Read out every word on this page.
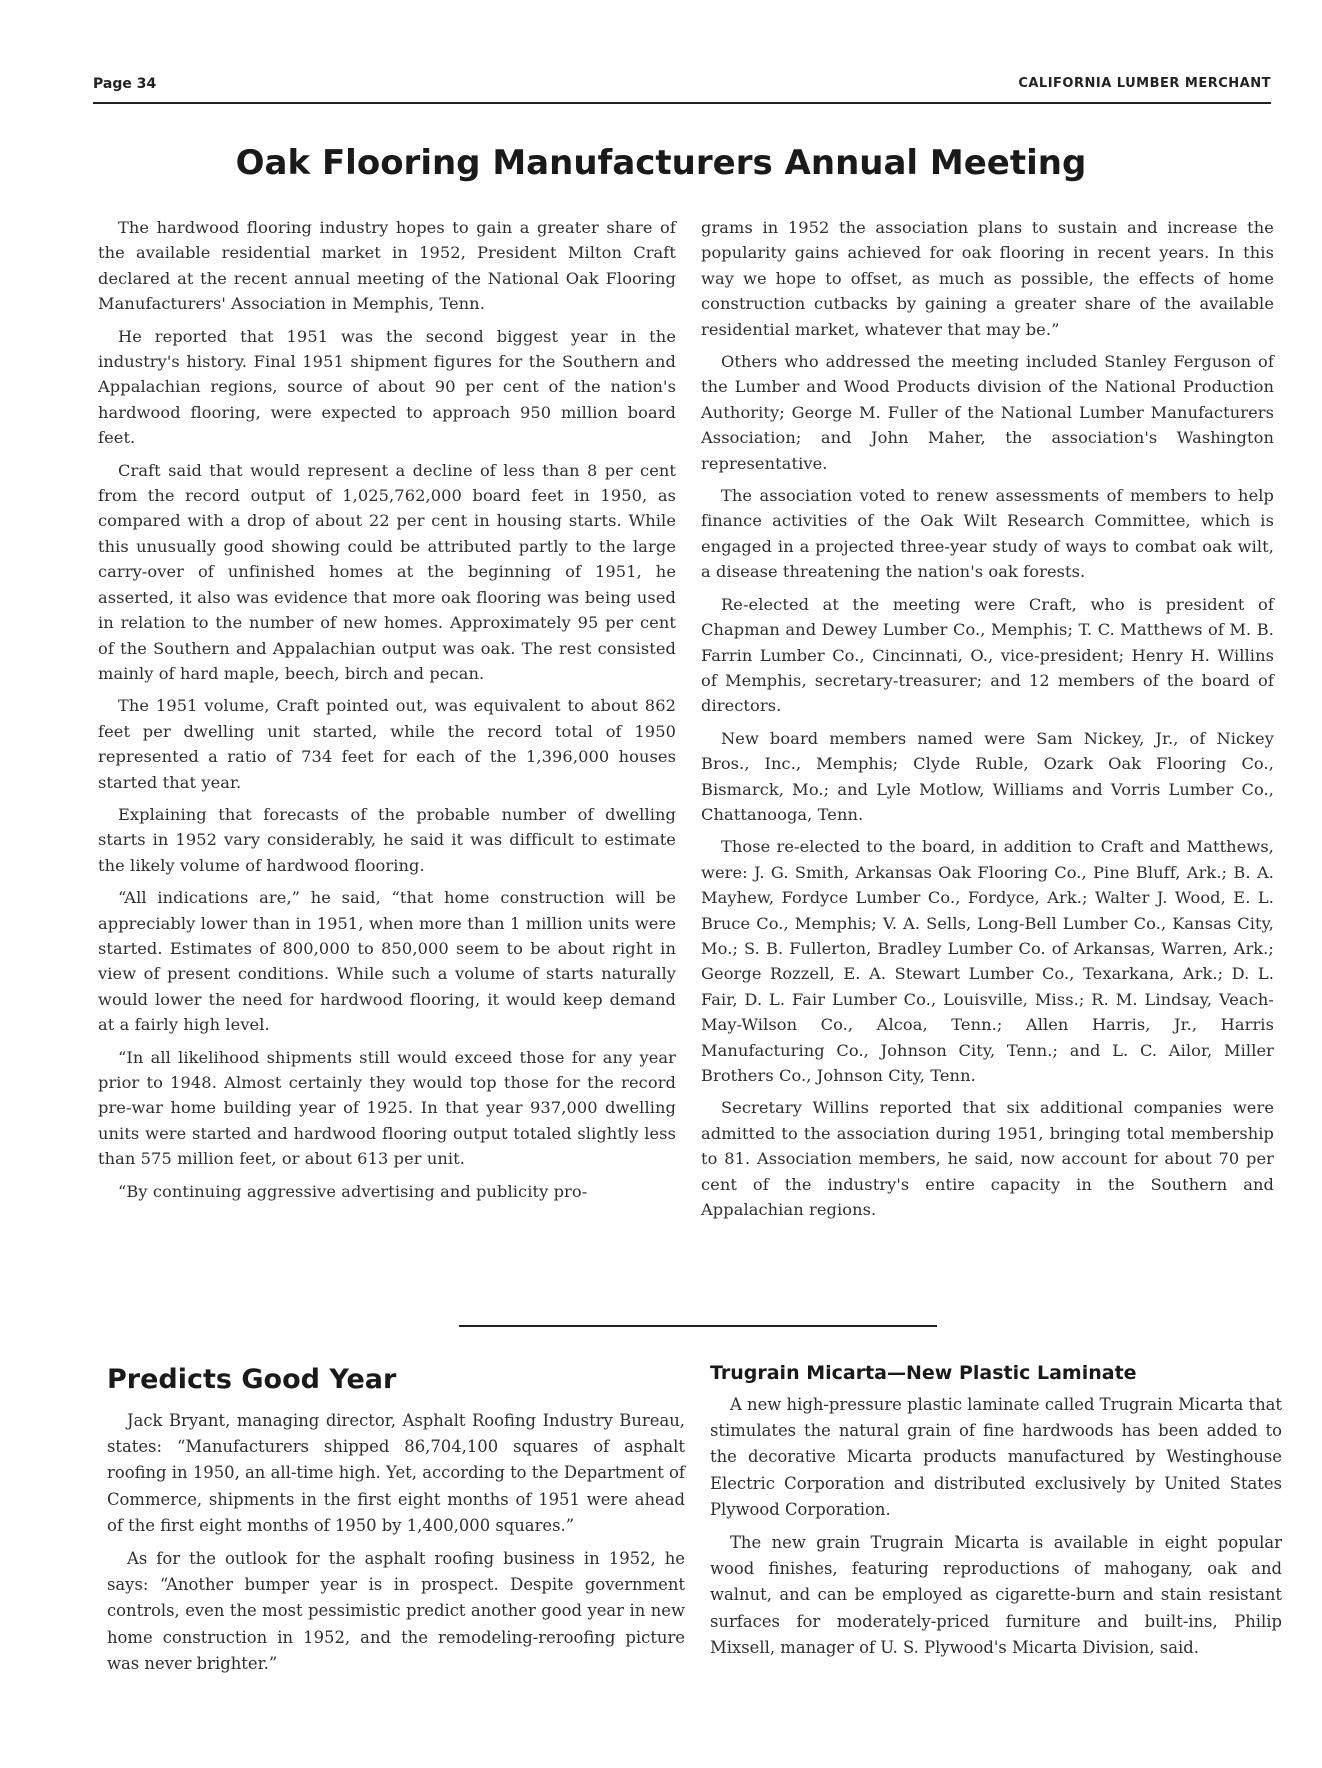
Page 34	CALIFORNIA LUMBER MERCHANT
Oak Flooring Manufacturers Annual Meeting

The hardwood flooring industry hopes to gain a greater share of the available residential market in 1952, President Milton Craft declared at the recent annual meeting of the National Oak Flooring Manufacturers' Association in Memphis, Tenn.

He reported that 1951 was the second biggest year in the industry's history. Final 1951 shipment figures for the Southern and Appalachian regions, source of about 90 per cent of the nation's hardwood flooring, were expected to approach 950 million board feet.

Craft said that would represent a decline of less than 8 per cent from the record output of 1,025,762,000 board feet in 1950, as compared with a drop of about 22 per cent in housing starts. While this unusually good showing could be attributed partly to the large carry-over of unfinished homes at the beginning of 1951, he asserted, it also was evidence that more oak flooring was being used in relation to the number of new homes. Approximately 95 per cent of the Southern and Appalachian output was oak. The rest consisted mainly of hard maple, beech, birch and pecan.

The 1951 volume, Craft pointed out, was equivalent to about 862 feet per dwelling unit started, while the record total of 1950 represented a ratio of 734 feet for each of the 1,396,000 houses started that year.

Explaining that forecasts of the probable number of dwelling starts in 1952 vary considerably, he said it was difficult to estimate the likely volume of hardwood flooring.

“All indications are,” he said, “that home construction will be appreciably lower than in 1951, when more than 1 million units were started. Estimates of 800,000 to 850,000 seem to be about right in view of present conditions. While such a volume of starts naturally would lower the need for hardwood flooring, it would keep demand at a fairly high level.

“In all likelihood shipments still would exceed those for any year prior to 1948. Almost certainly they would top those for the record pre-war home building year of 1925. In that year 937,000 dwelling units were started and hardwood flooring output totaled slightly less than 575 million feet, or about 613 per unit.

“By continuing aggressive advertising and publicity pro-

grams in 1952 the association plans to sustain and increase the popularity gains achieved for oak flooring in recent years. In this way we hope to offset, as much as possible, the effects of home construction cutbacks by gaining a greater share of the available residential market, whatever that may be.”

Others who addressed the meeting included Stanley Ferguson of the Lumber and Wood Products division of the National Production Authority; George M. Fuller of the National Lumber Manufacturers Association; and John Maher, the association's Washington representative.

The association voted to renew assessments of members to help finance activities of the Oak Wilt Research Committee, which is engaged in a projected three-year study of ways to combat oak wilt, a disease threatening the nation's oak forests.

Re-elected at the meeting were Craft, who is president of Chapman and Dewey Lumber Co., Memphis; T. C. Matthews of M. B. Farrin Lumber Co., Cincinnati, O., vice-president; Henry H. Willins of Memphis, secretary-treasurer; and 12 members of the board of directors.

New board members named were Sam Nickey, Jr., of Nickey Bros., Inc., Memphis; Clyde Ruble, Ozark Oak Flooring Co., Bismarck, Mo.; and Lyle Motlow, Williams and Vorris Lumber Co., Chattanooga, Tenn.

Those re-elected to the board, in addition to Craft and Matthews, were: J. G. Smith, Arkansas Oak Flooring Co., Pine Bluff, Ark.; B. A. Mayhew, Fordyce Lumber Co., Fordyce, Ark.; Walter J. Wood, E. L. Bruce Co., Memphis; V. A. Sells, Long-Bell Lumber Co., Kansas City, Mo.; S. B. Fullerton, Bradley Lumber Co. of Arkansas, Warren, Ark.; George Rozzell, E. A. Stewart Lumber Co., Texarkana, Ark.; D. L. Fair, D. L. Fair Lumber Co., Louisville, Miss.; R. M. Lindsay, Veach-May-Wilson Co., Alcoa, Tenn.; Allen Harris, Jr., Harris Manufacturing Co., Johnson City, Tenn.; and L. C. Ailor, Miller Brothers Co., Johnson City, Tenn.

Secretary Willins reported that six additional companies were admitted to the association during 1951, bringing total membership to 81. Association members, he said, now account for about 70 per cent of the industry's entire capacity in the Southern and Appalachian regions.

Predicts Good Year

Jack Bryant, managing director, Asphalt Roofing Industry Bureau, states: “Manufacturers shipped 86,704,100 squares of asphalt roofing in 1950, an all-time high. Yet, according to the Department of Commerce, shipments in the first eight months of 1951 were ahead of the first eight months of 1950 by 1,400,000 squares.”

As for the outlook for the asphalt roofing business in 1952, he says: “Another bumper year is in prospect. Despite government controls, even the most pessimistic predict another good year in new home construction in 1952, and the remodeling-reroofing picture was never brighter.”

Trugrain Micarta—New Plastic Laminate

A new high-pressure plastic laminate called Trugrain Micarta that stimulates the natural grain of fine hardwoods has been added to the decorative Micarta products manufactured by Westinghouse Electric Corporation and distributed exclusively by United States Plywood Corporation.

The new grain Trugrain Micarta is available in eight popular wood finishes, featuring reproductions of mahogany, oak and walnut, and can be employed as cigarette-burn and stain resistant surfaces for moderately-priced furniture and built-ins, Philip Mixsell, manager of U. S. Plywood's Micarta Division, said.
